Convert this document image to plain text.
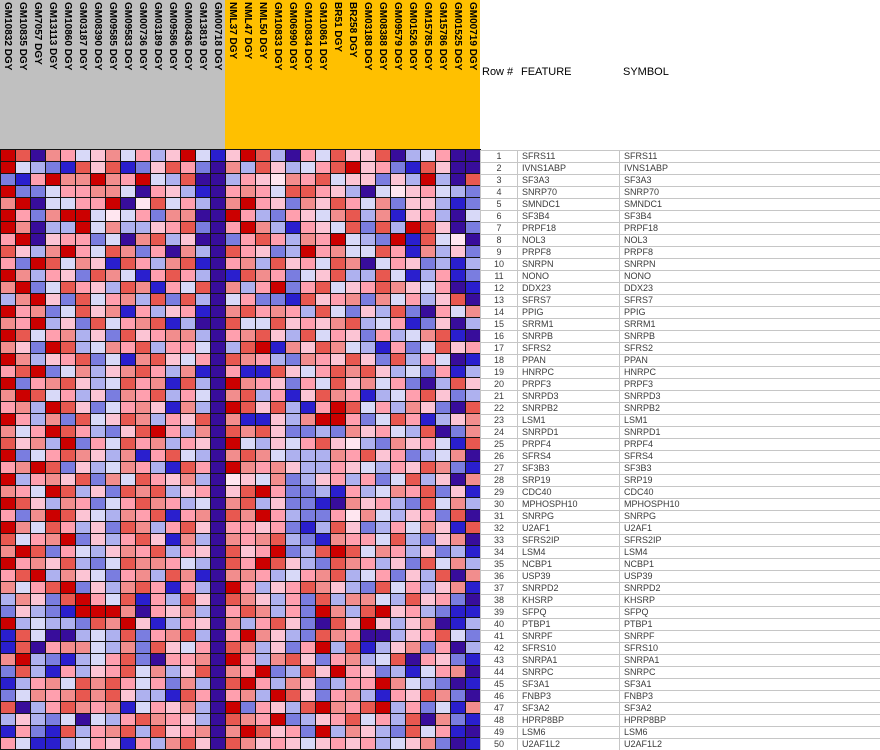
GM10832 DGY GM10835 DGY GM7057 DGY GM13113 DGY GM10860 DGY GM03187 DGY GM08390 DGY GM09585 DGY GM09583 DGY GM00736 DGY GM03189 DGY GM09586 DGY GM08436 DGY GM13819 DGY GM00718 DGY NML37 DGY NML47 DGY NML50 DGY GM10833 DGY GM06990 DGY GM10834 DGY GM10861 DGY BR51 DGY BR258 DGY GM03188 DGY GM08388 DGY GM09579 DGY GM01526 DGY GM15785 DGY GM15786 DGY GM01525 DGY GM00719 DGY
Row # FEATURE	SYMBOL
1	SFRS11	SFRS11
2	IVNS1ABP	IVNS1ABP
3	SF3A3	SF3A3
4	SNRP70	SNRP70
5	SMNDC1	SMNDC1
6	SF3B4	SF3B4
7	PRPF18	PRPF18
8	NOL3	NOL3
9	PRPF8	PRPF8
10	SNRPN	SNRPN
11	NONO	NONO
12	DDX23	DDX23
13	SFRS7	SFRS7
14	PPIG	PPIG
15	SRRM1	SRRM1
16	SNRPB	SNRPB
17	SFRS2	SFRS2
18	PPAN	PPAN
19	HNRPC	HNRPC
20	PRPF3	PRPF3
21	SNRPD3	SNRPD3
22	SNRPB2	SNRPB2
23	LSM1	LSM1
24	SNRPD1	SNRPD1
25	PRPF4	PRPF4
26	SFRS4	SFRS4
27	SF3B3	SF3B3
28	SRP19	SRP19
29	CDC40	CDC40
30	MPHOSPH10	MPHOSPH10
31	SNRPG	SNRPG
32	U2AF1	U2AF1
33	SFRS2IP	SFRS2IP
34	LSM4	LSM4
35	NCBP1	NCBP1
36	USP39	USP39
37	SNRPD2	SNRPD2
38	KHSRP	KHSRP
39	SFPQ	SFPQ
40	PTBP1	PTBP1
41	SNRPF	SNRPF
42	SFRS10	SFRS10
43	SNRPA1	SNRPA1
44	SNRPC	SNRPC
45	SF3A1	SF3A1
46	FNBP3	FNBP3
47	SF3A2	SF3A2
48	HPRP8BP	HPRP8BP
49	LSM6	LSM6
50	U2AF1L2	U2AF1L2
